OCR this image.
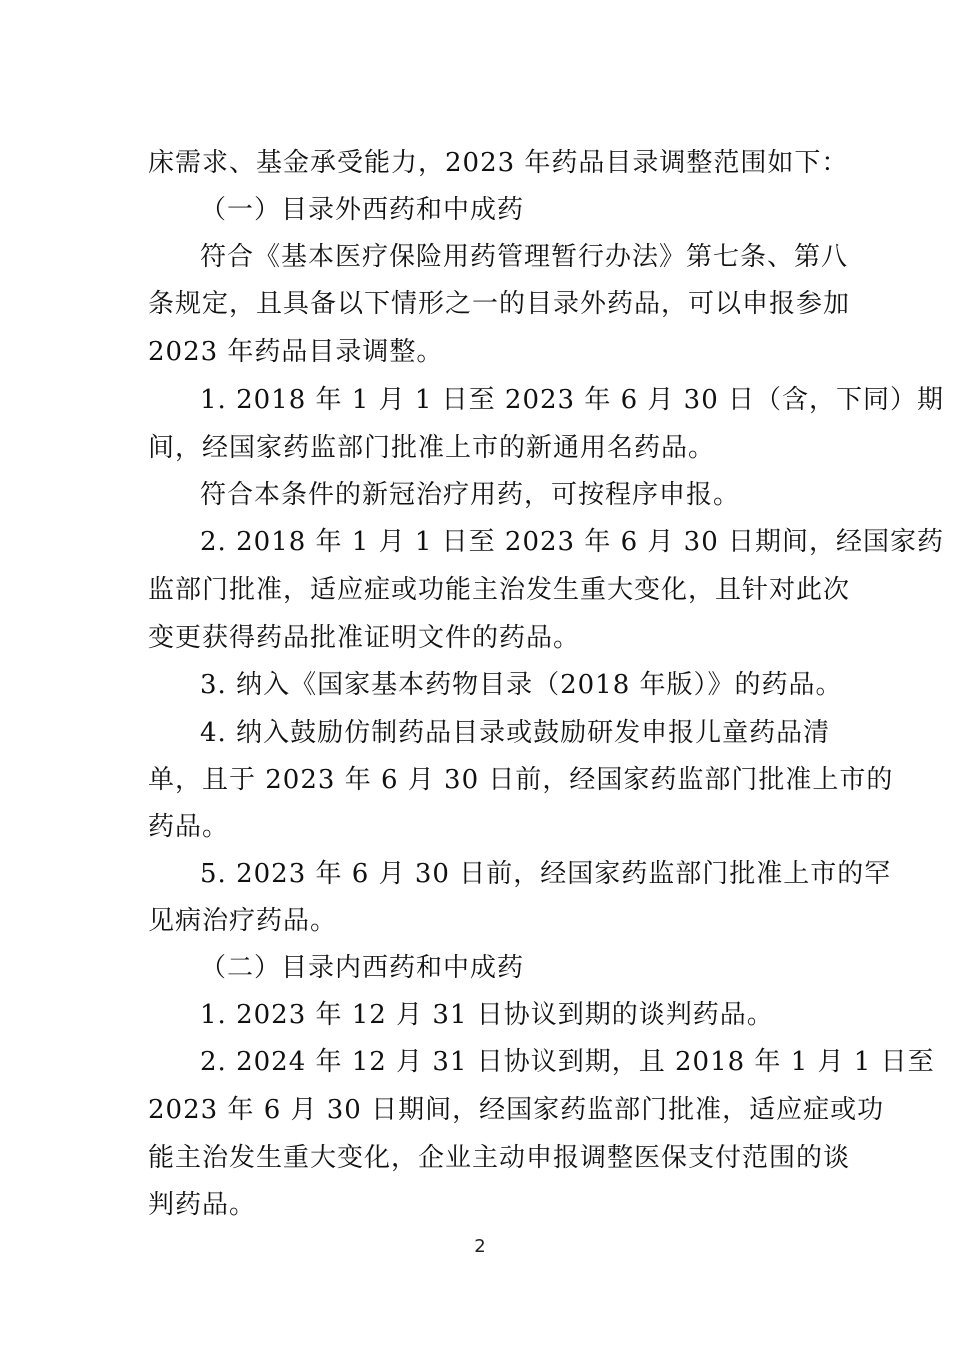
床需求、基金承受能力，2023 年药品目录调整范围如下：
（一）目录外西药和中成药
符合《基本医疗保险用药管理暂行办法》第七条、第八
条规定，且具备以下情形之一的目录外药品，可以申报参加
2023 年药品目录调整。
1. 2018 年 1 月 1 日至 2023 年 6 月 30 日（含，下同）期
间，经国家药监部门批准上市的新通用名药品。
符合本条件的新冠治疗用药，可按程序申报。
2. 2018 年 1 月 1 日至 2023 年 6 月 30 日期间，经国家药
监部门批准，适应症或功能主治发生重大变化，且针对此次
变更获得药品批准证明文件的药品。
3. 纳入《国家基本药物目录（2018 年版）》的药品。
4. 纳入鼓励仿制药品目录或鼓励研发申报儿童药品清
单，且于 2023 年 6 月 30 日前，经国家药监部门批准上市的
药品。
5. 2023 年 6 月 30 日前，经国家药监部门批准上市的罕
见病治疗药品。
（二）目录内西药和中成药
1. 2023 年 12 月 31 日协议到期的谈判药品。
2. 2024 年 12 月 31 日协议到期，且 2018 年 1 月 1 日至
2023 年 6 月 30 日期间，经国家药监部门批准，适应症或功
能主治发生重大变化，企业主动申报调整医保支付范围的谈
判药品。
2
